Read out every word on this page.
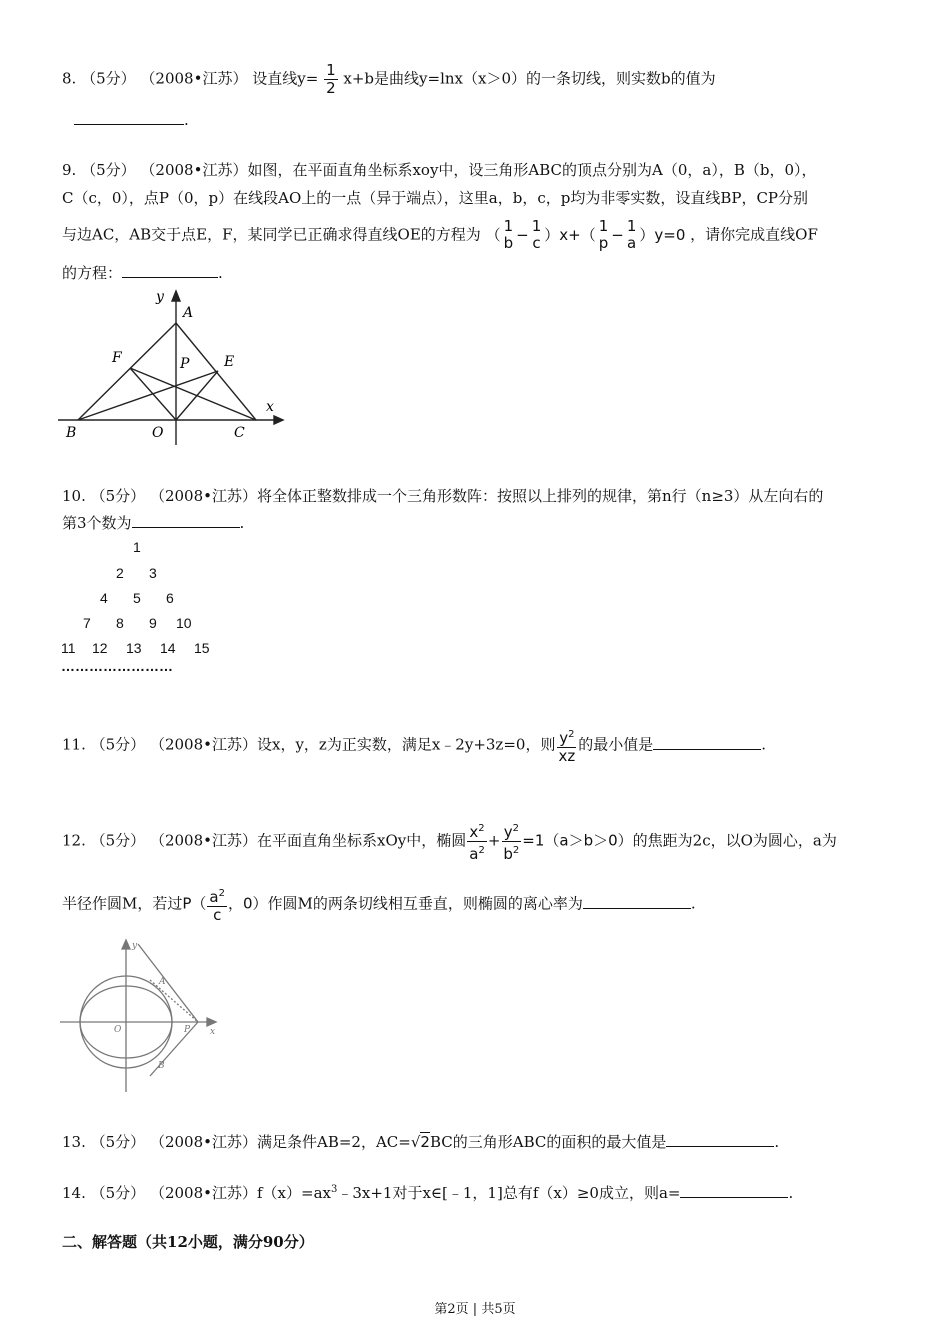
8. （5分） （2008•江苏） 设直线$y= \frac{1}{2} x+b$是曲线y=lnx（x＞0）的一条切线，则实数b的值为
.
9. （5分） （2008•江苏）如图，在平面直角坐标系xoy中，设三角形ABC的顶点分别为A（0，a），B（b，0），
C（c，0），点P（0，p）在线段AO上的一点（异于端点），这里a，b，c，p均为非零实数，设直线BP，CP分别
与边AC，AB交于点E，F，某同学已正确求得直线OE的方程为 （ 1
b − 1
c ）x+（ 1
p − 1
a ）y=0 ，请你完成直线OF
的方程：	.
y
A
F	P E
x
B	O	C
10. （5分） （2008•江苏）将全体正整数排成一个三角形数阵：按照以上排列的规律，第n行（n≥3）从左向右的
第3个数为	.
1
2 3
4 5 6
7 8 9 10
11 12 13 14 15
……………………
11. （5分） （2008•江苏）设x，y，z为正实数，满足x﹣2y+3z=0，则 $\frac{y^2}{xz}$ 的最小值是	.
12. （5分） （2008•江苏）在平面直角坐标系xOy中，椭圆 $\frac{x^2}{a^2} + \frac{y^2}{b^2} =1(a>b>0)$的焦距为2c，以O为圆心，a为
半径作圆M，若过$P( \frac{a^2}{c}$ ，0）作圆M的两条切线相互垂直，则椭圆的离心率为	.
y
A
O	P x
B
13. （5分） （2008•江苏）满足条件AB=2，AC=√2BC的三角形ABC的面积的最大值是	.
14. （5分） （2008•江苏）$f(x)=ax^3﹣3x+1$对于x∈[﹣1，1]总有f（x）≥0成立，则a=	.
二、解答题（共12小题，满分90分）
第2页 | 共5页
